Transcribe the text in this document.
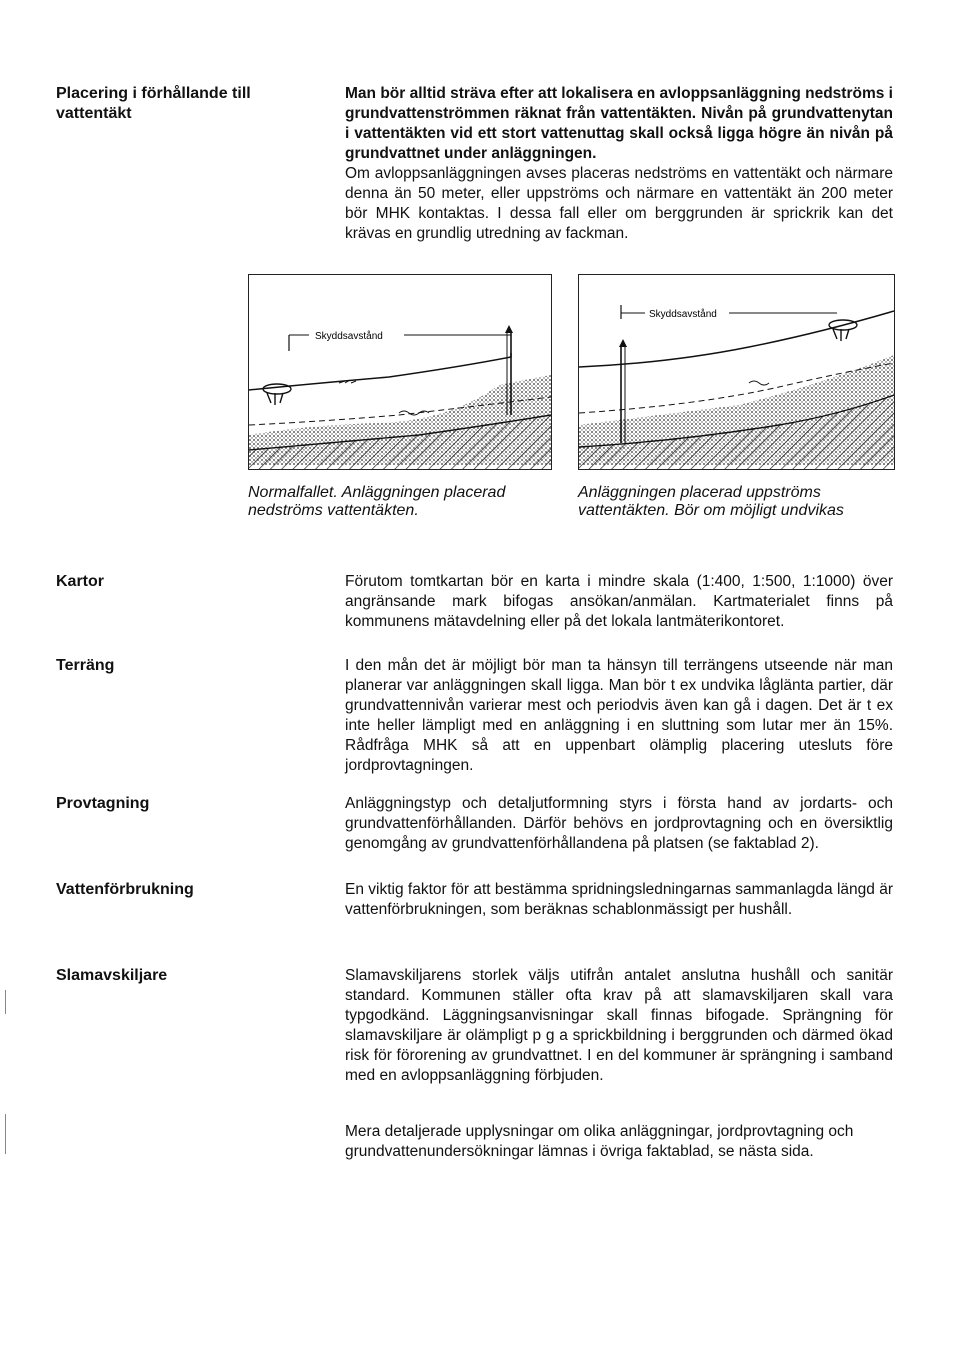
Placering i förhållande till vattentäkt

Man bör alltid sträva efter att lokalisera en avloppsanläggning nedströms i grundvattenströmmen räknat från vattentäkten. Nivån på grundvattenytan i vattentäkten vid ett stort vattenuttag skall också ligga högre än nivån på grundvattnet under anläggningen.

Om avloppsanläggningen avses placeras nedströms en vattentäkt och närmare denna än 50 meter, eller uppströms och närmare en vattentäkt än 200 meter bör MHK kontaktas. I dessa fall eller om berggrunden är sprickrik kan det krävas en grundlig utredning av fackman.

Skyddsavstånd
Normalfallet. Anläggningen placerad nedströms vattentäkten.
Skyddsavstånd
Anläggningen placerad uppströms vattentäkten. Bör om möjligt undvikas
Kartor	Förutom tomtkartan bör en karta i mindre skala (1:400, 1:500, 1:1000) över angränsande mark bifogas ansökan/anmälan. Kartmaterialet finns på kommunens mätavdelning eller på det lokala lantmäterikontoret.
Terräng	I den mån det är möjligt bör man ta hänsyn till terrängens utseende när man planerar var anläggningen skall ligga. Man bör t ex undvika låglänta partier, där grundvattennivån varierar mest och periodvis även kan gå i dagen. Det är t ex inte heller lämpligt med en anläggning i en sluttning som lutar mer än 15%. Rådfråga MHK så att en uppenbart olämplig placering utesluts före jordprovtagningen.
Provtagning	Anläggningstyp och detaljutformning styrs i första hand av jordarts- och grundvattenförhållanden. Därför behövs en jordprovtagning och en översiktlig genomgång av grundvattenförhållandena på platsen (se faktablad 2).
Vattenförbrukning	En viktig faktor för att bestämma spridningsledningarnas sammanlagda längd är vattenförbrukningen, som beräknas schablonmässigt per hushåll.
Slamavskiljare	Slamavskiljarens storlek väljs utifrån antalet anslutna hushåll och sanitär standard. Kommunen ställer ofta krav på att slamavskiljaren skall vara typgodkänd. Läggningsanvisningar skall finnas bifogade. Sprängning för slamavskiljare är olämpligt p g a sprickbildning i berggrunden och därmed ökad risk för förorening av grundvattnet. I en del kommuner är sprängning i samband med en avloppsanläggning förbjuden.
Mera detaljerade upplysningar om olika anläggningar, jordprovtagning och grundvattenundersökningar lämnas i övriga faktablad, se nästa sida.
